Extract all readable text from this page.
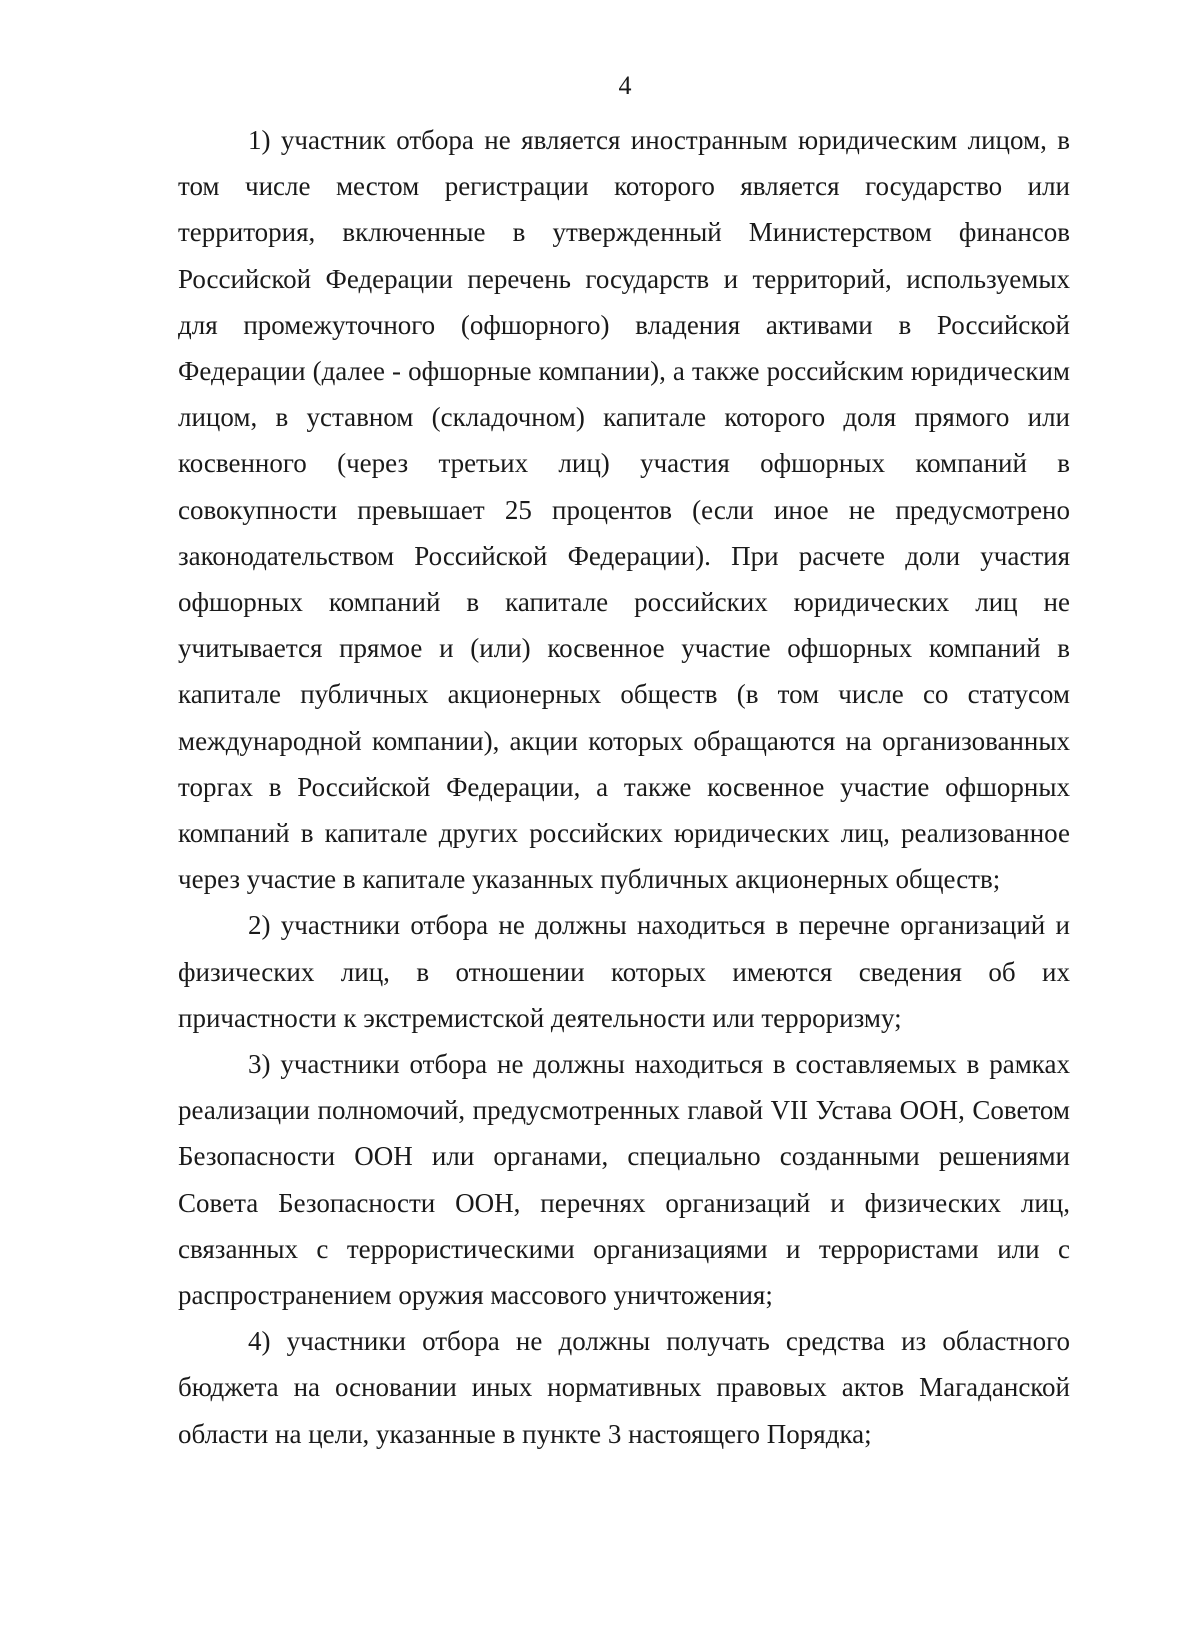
4

1) участник отбора не является иностранным юридическим лицом, в том числе местом регистрации которого является государство или территория, включенные в утвержденный Министерством финансов Российской Федерации перечень государств и территорий, используемых для промежуточного (офшорного) владения активами в Российской Федерации (далее - офшорные компании), а также российским юридическим лицом, в уставном (складочном) капитале которого доля прямого или косвенного (через третьих лиц) участия офшорных компаний в совокупности превышает 25 процентов (если иное не предусмотрено законодательством Российской Федерации). При расчете доли участия офшорных компаний в капитале российских юридических лиц не учитывается прямое и (или) косвенное участие офшорных компаний в капитале публичных акционерных обществ (в том числе со статусом международной компании), акции которых обращаются на организованных торгах в Российской Федерации, а также косвенное участие офшорных компаний в капитале других российских юридических лиц, реализованное через участие в капитале указанных публичных акционерных обществ;

2) участники отбора не должны находиться в перечне организаций и физических лиц, в отношении которых имеются сведения об их причастности к экстремистской деятельности или терроризму;

3) участники отбора не должны находиться в составляемых в рамках реализации полномочий, предусмотренных главой VII Устава ООН, Советом Безопасности ООН или органами, специально созданными решениями Совета Безопасности ООН, перечнях организаций и физических лиц, связанных с террористическими организациями и террористами или с распространением оружия массового уничтожения;

4) участники отбора не должны получать средства из областного бюджета на основании иных нормативных правовых актов Магаданской области на цели, указанные в пункте 3 настоящего Порядка;
